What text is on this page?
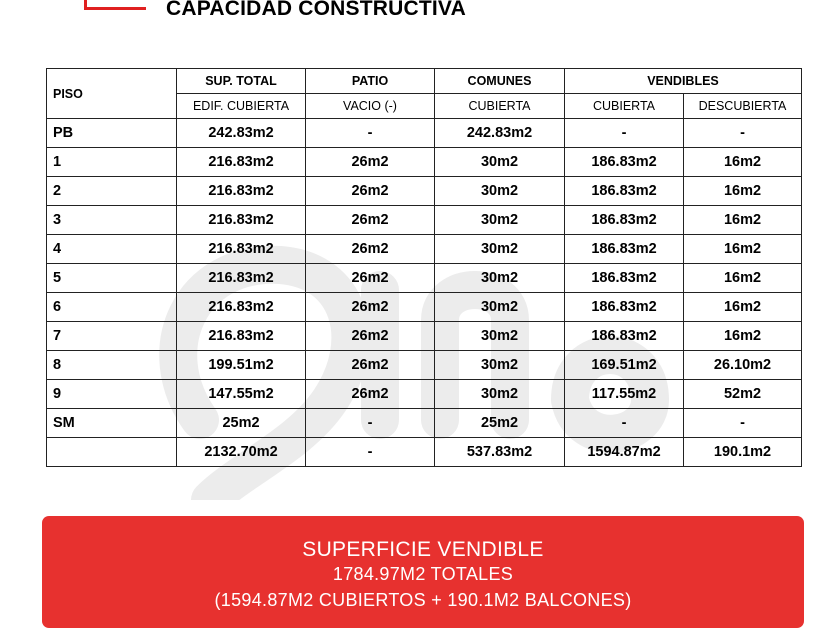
CAPACIDAD CONSTRUCTIVA
PISO	SUP. TOTAL	PATIO	COMUNES	VENDIBLES	
	EDIF. CUBIERTA	VACIO (-)	CUBIERTA	CUBIERTA	DESCUBIERTA
PB	242.83m2	-	242.83m2	-	-
1	216.83m2	26m2	30m2	186.83m2	16m2
2	216.83m2	26m2	30m2	186.83m2	16m2
3	216.83m2	26m2	30m2	186.83m2	16m2
4	216.83m2	26m2	30m2	186.83m2	16m2
5	216.83m2	26m2	30m2	186.83m2	16m2
6	216.83m2	26m2	30m2	186.83m2	16m2
7	216.83m2	26m2	30m2	186.83m2	16m2
8	199.51m2	26m2	30m2	169.51m2	26.10m2
9	147.55m2	26m2	30m2	117.55m2	52m2
SM	25m2	-	25m2	-	-
	2132.70m2	-	537.83m2	1594.87m2	190.1m2
SUPERFICIE VENDIBLE
1784.97M2 TOTALES
(1594.87M2 CUBIERTOS + 190.1M2 BALCONES)
